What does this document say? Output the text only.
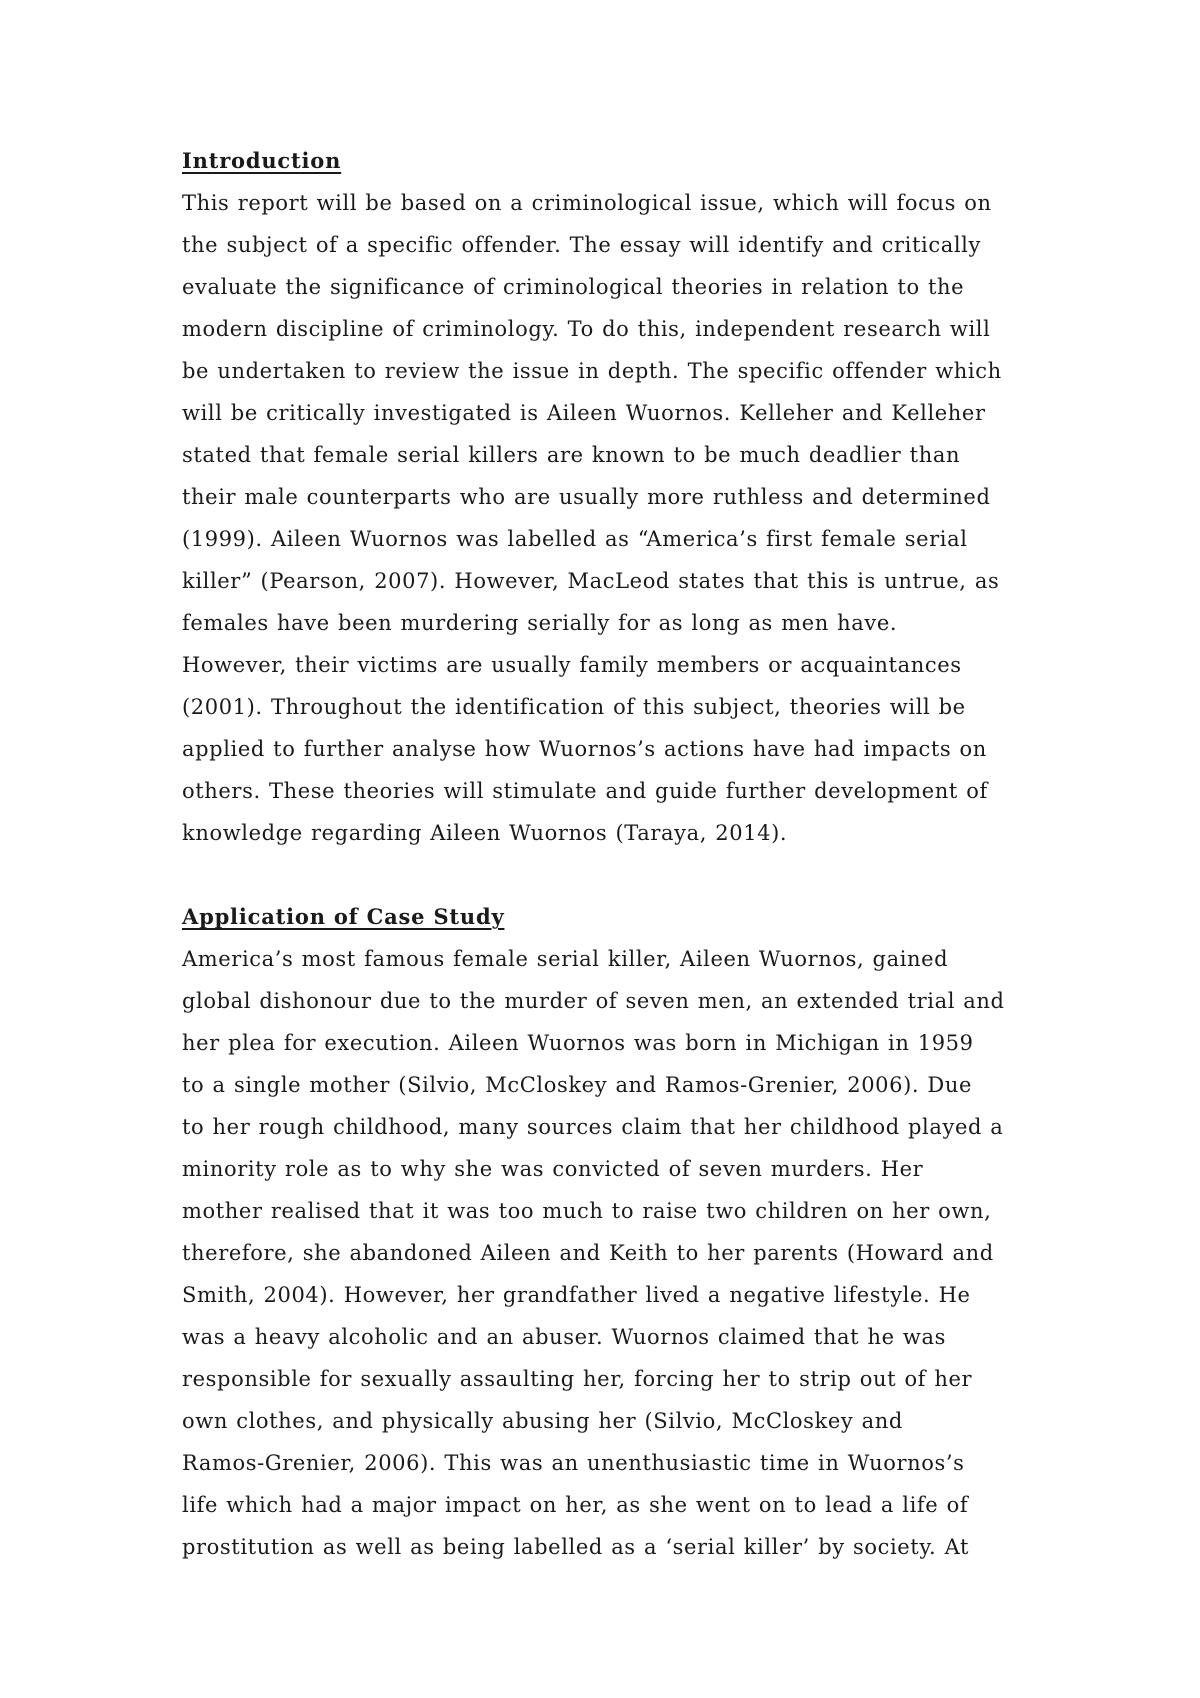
Introduction
This report will be based on a criminological issue, which will focus on
the subject of a specific offender. The essay will identify and critically
evaluate the significance of criminological theories in relation to the
modern discipline of criminology. To do this, independent research will
be undertaken to review the issue in depth. The specific offender which
will be critically investigated is Aileen Wuornos. Kelleher and Kelleher
stated that female serial killers are known to be much deadlier than
their male counterparts who are usually more ruthless and determined
(1999). Aileen Wuornos was labelled as “America’s first female serial
killer” (Pearson, 2007). However, MacLeod states that this is untrue, as
females have been murdering serially for as long as men have.
However, their victims are usually family members or acquaintances
(2001). Throughout the identification of this subject, theories will be
applied to further analyse how Wuornos’s actions have had impacts on
others. These theories will stimulate and guide further development of
knowledge regarding Aileen Wuornos (Taraya, 2014).
Application of Case Study
America’s most famous female serial killer, Aileen Wuornos, gained
global dishonour due to the murder of seven men, an extended trial and
her plea for execution. Aileen Wuornos was born in Michigan in 1959
to a single mother (Silvio, McCloskey and Ramos-Grenier, 2006). Due
to her rough childhood, many sources claim that her childhood played a
minority role as to why she was convicted of seven murders. Her
mother realised that it was too much to raise two children on her own,
therefore, she abandoned Aileen and Keith to her parents (Howard and
Smith, 2004). However, her grandfather lived a negative lifestyle. He
was a heavy alcoholic and an abuser. Wuornos claimed that he was
responsible for sexually assaulting her, forcing her to strip out of her
own clothes, and physically abusing her (Silvio, McCloskey and
Ramos-Grenier, 2006). This was an unenthusiastic time in Wuornos’s
life which had a major impact on her, as she went on to lead a life of
prostitution as well as being labelled as a ‘serial killer’ by society. At
